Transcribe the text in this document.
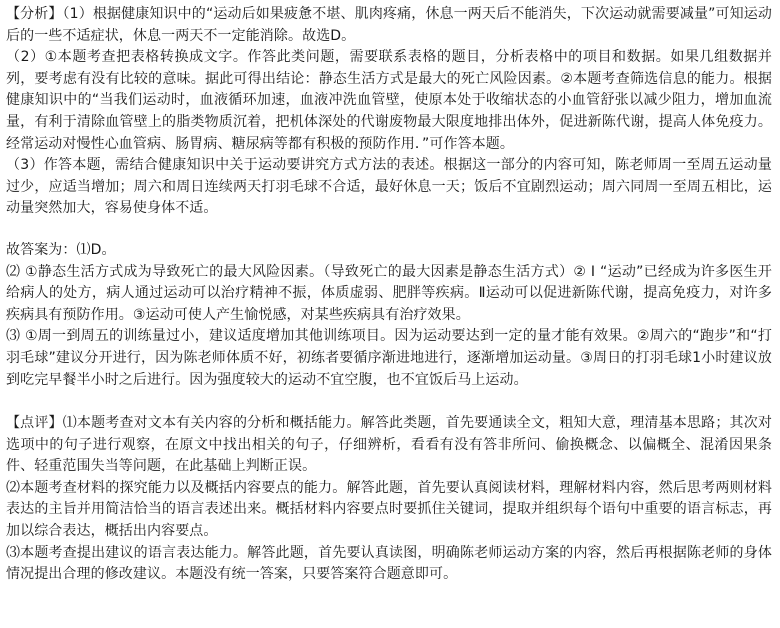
【分析】（1）根据健康知识中的“运动后如果疲惫不堪、肌肉疼痛，休息一两天后不能消失，下次运动就需要减量”可知运动后的一些不适症状，休息一两天不一定能消除。故选D。

（2）①本题考查把表格转换成文字。作答此类问题，需要联系表格的题目，分析表格中的项目和数据。如果几组数据并列，要考虑有没有比较的意味。据此可得出结论：静态生活方式是最大的死亡风险因素。②本题考查筛选信息的能力。根据健康知识中的“当我们运动时，血液循环加速，血液冲洗血管壁，使原本处于收缩状态的小血管舒张以减少阻力，增加血流量，有利于清除血管壁上的脂类物质沉着，把机体深处的代谢废物最大限度地排出体外，促进新陈代谢，提高人体免疫力。经常运动对慢性心血管病、肠胃病、糖尿病等都有积极的预防作用．”可作答本题。

（3）作答本题，需结合健康知识中关于运动要讲究方式方法的表述。根据这一部分的内容可知，陈老师周一至周五运动量过少，应适当增加；周六和周日连续两天打羽毛球不合适，最好休息一天；饭后不宜剧烈运动；周六同周一至周五相比，运动量突然加大，容易使身体不适。

故答案为：⑴D。

⑵ ①静态生活方式成为导致死亡的最大风险因素。（导致死亡的最大因素是静态生活方式）② Ⅰ “运动”已经成为许多医生开给病人的处方，病人通过运动可以治疗精神不振，体质虚弱、肥胖等疾病。Ⅱ运动可以促进新陈代谢，提高免疫力，对许多疾病具有预防作用。③运动可使人产生愉悦感，对某些疾病具有治疗效果。

⑶ ①周一到周五的训练量过小，建议适度增加其他训练项目。因为运动要达到一定的量才能有效果。②周六的“跑步”和“打羽毛球”建议分开进行，因为陈老师体质不好，初练者要循序渐进地进行，逐渐增加运动量。③周日的打羽毛球1小时建议放到吃完早餐半小时之后进行。因为强度较大的运动不宜空腹，也不宜饭后马上运动。

【点评】⑴本题考查对文本有关内容的分析和概括能力。解答此类题，首先要通读全文，粗知大意，理清基本思路；其次对选项中的句子进行观察，在原文中找出相关的句子，仔细辨析，看看有没有答非所问、偷换概念、以偏概全、混淆因果条件、轻重范围失当等问题，在此基础上判断正误。

⑵本题考查材料的探究能力以及概括内容要点的能力。解答此题，首先要认真阅读材料，理解材料内容，然后思考两则材料表达的主旨并用简洁恰当的语言表述出来。概括材料内容要点时要抓住关键词，提取并组织每个语句中重要的语言标志，再加以综合表达，概括出内容要点。

⑶本题考查提出建议的语言表达能力。解答此题，首先要认真读图，明确陈老师运动方案的内容，然后再根据陈老师的身体情况提出合理的修改建议。本题没有统一答案，只要答案符合题意即可。
